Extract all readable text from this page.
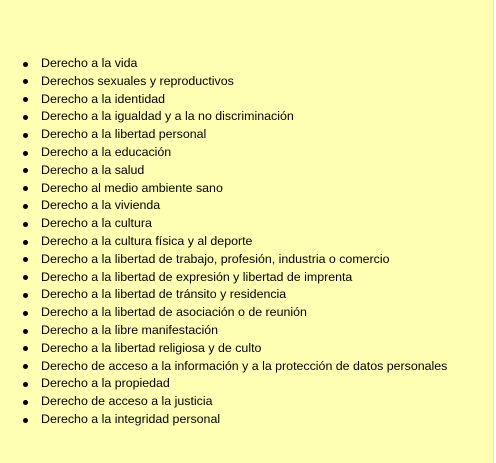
Derecho a la vida
Derechos sexuales y reproductivos
Derecho a la identidad
Derecho a la igualdad y a la no discriminación
Derecho a la libertad personal
Derecho a la educación
Derecho a la salud
Derecho al medio ambiente sano
Derecho a la vivienda
Derecho a la cultura
Derecho a la cultura física y al deporte
Derecho a la libertad de trabajo, profesión, industria o comercio
Derecho a la libertad de expresión y libertad de imprenta
Derecho a la libertad de tránsito y residencia
Derecho a la libertad de asociación o de reunión
Derecho a la libre manifestación
Derecho a la libertad religiosa y de culto
Derecho de acceso a la información y a la protección de datos personales
Derecho a la propiedad
Derecho de acceso a la justicia
Derecho a la integridad personal
